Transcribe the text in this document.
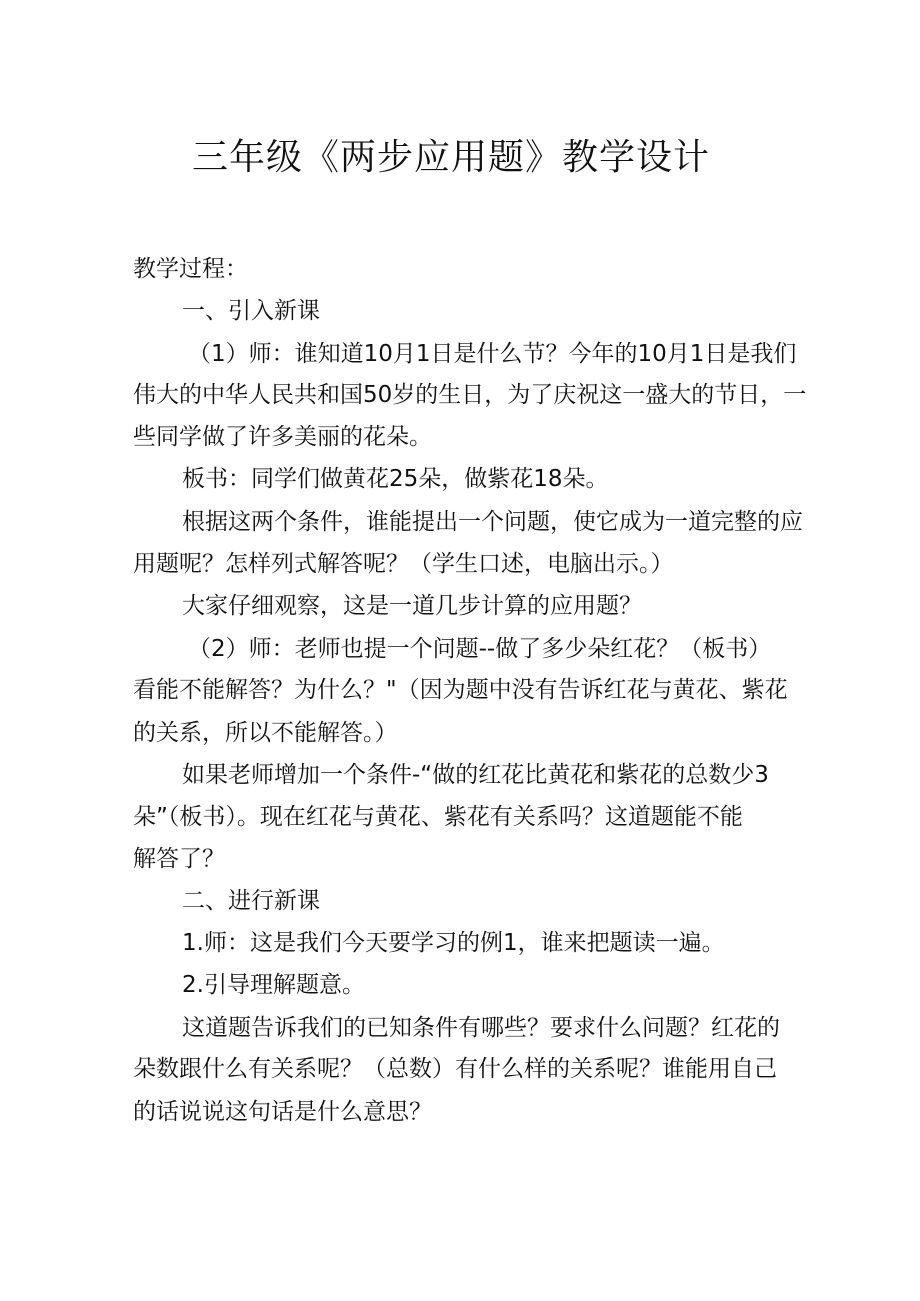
三年级《两步应用题》教学设计
教学过程：
一、引入新课
（1）师：谁知道10月1日是什么节？今年的10月1日是我们
伟大的中华人民共和国50岁的生日，为了庆祝这一盛大的节日，一
些同学做了许多美丽的花朵。
板书：同学们做黄花25朵，做紫花18朵。
根据这两个条件，谁能提出一个问题，使它成为一道完整的应
用题呢？怎样列式解答呢？（学生口述，电脑出示。）
大家仔细观察，这是一道几步计算的应用题？
（2）师：老师也提一个问题--做了多少朵红花？（板书）
看能不能解答？为什么？"（因为题中没有告诉红花与黄花、紫花
的关系，所以不能解答。）
如果老师增加一个条件-“做的红花比黄花和紫花的总数少3
朵”（板书）。现在红花与黄花、紫花有关系吗？这道题能不能
解答了？
二、进行新课
1.师：这是我们今天要学习的例1，谁来把题读一遍。
2.引导理解题意。
这道题告诉我们的已知条件有哪些？要求什么问题？红花的
朵数跟什么有关系呢？（总数）有什么样的关系呢？谁能用自己
的话说说这句话是什么意思？
